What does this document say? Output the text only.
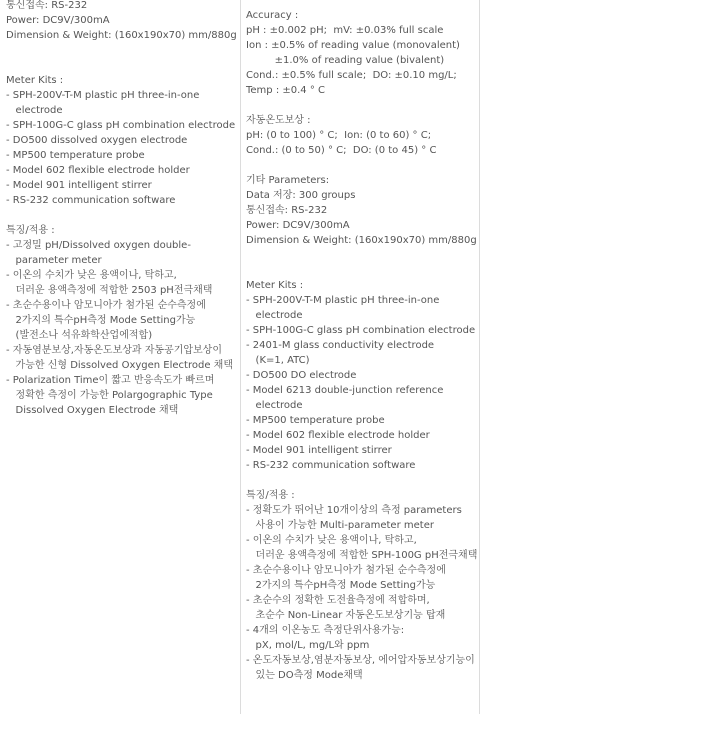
통신접속: RS-232
Power: DC9V/300mA
Dimension & Weight: (160x190x70) mm/880g
Meter Kits :
- SPH-200V-T-M plastic pH three-in-one
electrode
- SPH-100G-C glass pH combination electrode
- DO500 dissolved oxygen electrode
- MP500 temperature probe
- Model 602 flexible electrode holder
- Model 901 intelligent stirrer
- RS-232 communication software
특징/적용 :
- 고정밀 pH/Dissolved oxygen double-
parameter meter
- 이온의 수치가 낮은 용액이나, 탁하고,
더러운 용액측정에 적합한 2503 pH전극채택
- 초순수용이나 암모니아가 첨가된 순수측정에
2가지의 특수pH측정 Mode Setting가능
(발전소나 석유화학산업에적합)
- 자동염분보상,자동온도보상과 자동공기압보상이
가능한 신형 Dissolved Oxygen Electrode 채택
- Polarization Time이 짧고 반응속도가 빠르며
정확한 측정이 가능한 Polargographic Type
Dissolved Oxygen Electrode 채택
Accuracy :
pH : ±0.002 pH;  mV: ±0.03% full scale
Ion : ±0.5% of reading value (monovalent)
±1.0% of reading value (bivalent)
Cond.: ±0.5% full scale;  DO: ±0.10 mg/L;
Temp : ±0.4 ° C
자동온도보상 :
pH: (0 to 100) ° C;  Ion: (0 to 60) ° C;
Cond.: (0 to 50) ° C;  DO: (0 to 45) ° C
기타 Parameters:
Data 저장: 300 groups
통신접속: RS-232
Power: DC9V/300mA
Dimension & Weight: (160x190x70) mm/880g
Meter Kits :
- SPH-200V-T-M plastic pH three-in-one
electrode
- SPH-100G-C glass pH combination electrode
- 2401-M glass conductivity electrode
(K=1, ATC)
- DO500 DO electrode
- Model 6213 double-junction reference
electrode
- MP500 temperature probe
- Model 602 flexible electrode holder
- Model 901 intelligent stirrer
- RS-232 communication software
특징/적용 :
- 정확도가 뛰어난 10개이상의 측정 parameters
사용이 가능한 Multi-parameter meter
- 이온의 수치가 낮은 용액이나, 탁하고,
더러운 용액측정에 적합한 SPH-100G pH전극채택
- 초순수용이나 암모니아가 첨가된 순수측정에
2가지의 특수pH측정 Mode Setting가능
- 초순수의 정확한 도전율측정에 적합하며,
초순수 Non-Linear 자동온도보상기능 탑재
- 4개의 이온농도 측정단위사용가능:
pX, mol/L, mg/L와 ppm
- 온도자동보상,염분자동보상, 에어압자동보상기능이
있는 DO측정 Mode채택
